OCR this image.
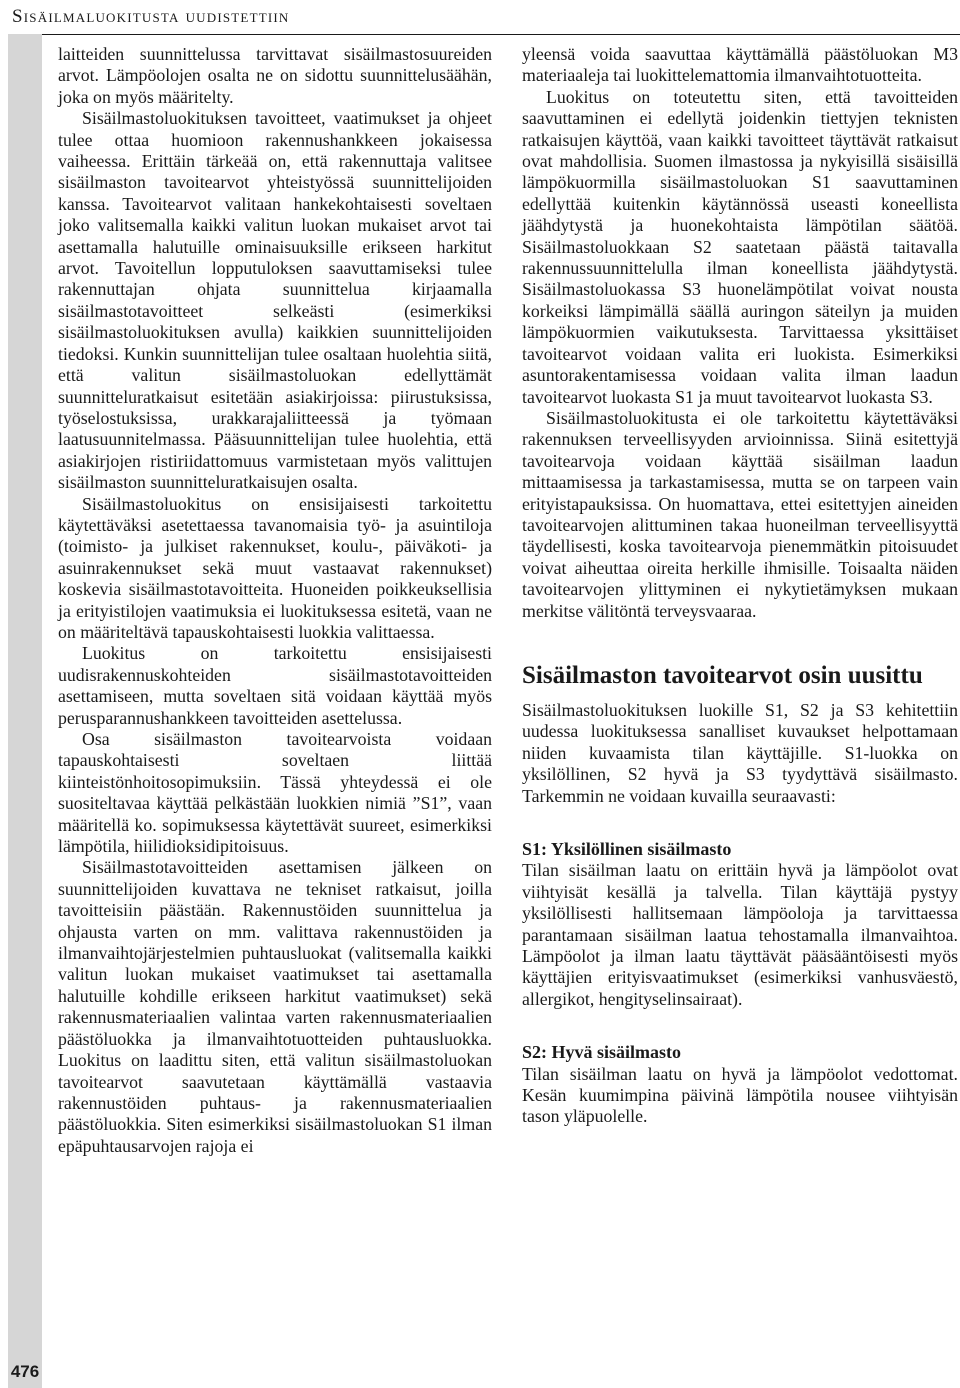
Sisäilmaluokitusta uudistettiin
476

laitteiden suunnittelussa tarvittavat sisäilmastosuureiden arvot. Lämpöolojen osalta ne on sidottu suunnittelusäähän, joka on myös määritelty.

Sisäilmastoluokituksen tavoitteet, vaatimukset ja ohjeet tulee ottaa huomioon rakennushankkeen jokaisessa vaiheessa. Erittäin tärkeää on, että rakennuttaja valitsee sisäilmaston tavoitearvot yhteistyössä suunnittelijoiden kanssa. Tavoitearvot valitaan hankekohtaisesti soveltaen joko valitsemalla kaikki valitun luokan mukaiset arvot tai asettamalla halutuille ominaisuuksille erikseen harkitut arvot. Tavoitellun lopputuloksen saavuttamiseksi tulee rakennuttajan ohjata suunnittelua kirjaamalla sisäilmastotavoitteet selkeästi (esimerkiksi sisäilmastoluokituksen avulla) kaikkien suunnittelijoiden tiedoksi. Kunkin suunnittelijan tulee osaltaan huolehtia siitä, että valitun sisäilmastoluokan edellyttämät suunnitteluratkaisut esitetään asiakirjoissa: piirustuksissa, työselostuksissa, urakkarajaliitteessä ja työmaan laatusuunnitelmassa. Pääsuunnittelijan tulee huolehtia, että asiakirjojen ristiriidattomuus varmistetaan myös valittujen sisäilmaston suunnitteluratkaisujen osalta.

Sisäilmastoluokitus on ensisijaisesti tarkoitettu käytettäväksi asetettaessa tavanomaisia työ- ja asuintiloja (toimisto- ja julkiset rakennukset, koulu-, päiväkoti- ja asuinrakennukset sekä muut vastaavat rakennukset) koskevia sisäilmastotavoitteita. Huoneiden poikkeuksellisia ja erityistilojen vaatimuksia ei luokituksessa esitetä, vaan ne on määriteltävä tapauskohtaisesti luokkia valittaessa.

Luokitus on tarkoitettu ensisijaisesti uudisrakennuskohteiden sisäilmastotavoitteiden asettamiseen, mutta soveltaen sitä voidaan käyttää myös perusparannushankkeen tavoitteiden asettelussa.

Osa sisäilmaston tavoitearvoista voidaan tapauskohtaisesti soveltaen liittää kiinteistönhoitosopimuksiin. Tässä yhteydessä ei ole suositeltavaa käyttää pelkästään luokkien nimiä ”S1”, vaan määritellä ko. sopimuksessa käytettävät suureet, esimerkiksi lämpötila, hiilidioksidipitoisuus.

Sisäilmastotavoitteiden asettamisen jälkeen on suunnittelijoiden kuvattava ne tekniset ratkaisut, joilla tavoitteisiin päästään. Rakennustöiden suunnittelua ja ohjausta varten on mm. valittava rakennustöiden ja ilmanvaihtojärjestelmien puhtausluokat (valitsemalla kaikki valitun luokan mukaiset vaatimukset tai asettamalla halutuille kohdille erikseen harkitut vaatimukset) sekä rakennusmateriaalien valintaa varten rakennusmateriaalien päästöluokka ja ilmanvaihtotuotteiden puhtausluokka. Luokitus on laadittu siten, että valitun sisäilmastoluokan tavoitearvot saavutetaan käyttämällä vastaavia rakennustöiden puhtaus- ja rakennusmateriaalien päästöluokkia. Siten esimerkiksi sisäilmastoluokan S1 ilman epäpuhtausarvojen rajoja ei

yleensä voida saavuttaa käyttämällä päästöluokan M3 materiaaleja tai luokittelemattomia ilmanvaihtotuotteita.

Luokitus on toteutettu siten, että tavoitteiden saavuttaminen ei edellytä joidenkin tiettyjen teknisten ratkaisujen käyttöä, vaan kaikki tavoitteet täyttävät ratkaisut ovat mahdollisia. Suomen ilmastossa ja nykyisillä sisäisillä lämpökuormilla sisäilmastoluokan S1 saavuttaminen edellyttää kuitenkin käytännössä useasti koneellista jäähdytystä ja huonekohtaista lämpötilan säätöä. Sisäilmastoluokkaan S2 saatetaan päästä taitavalla rakennussuunnittelulla ilman koneellista jäähdytystä. Sisäilmastoluokassa S3 huonelämpötilat voivat nousta korkeiksi lämpimällä säällä auringon säteilyn ja muiden lämpökuormien vaikutuksesta. Tarvittaessa yksittäiset tavoitearvot voidaan valita eri luokista. Esimerkiksi asuntorakentamisessa voidaan valita ilman laadun tavoitearvot luokasta S1 ja muut tavoitearvot luokasta S3.

Sisäilmastoluokitusta ei ole tarkoitettu käytettäväksi rakennuksen terveellisyyden arvioinnissa. Siinä esitettyjä tavoitearvoja voidaan käyttää sisäilman laadun mittaamisessa ja tarkastamisessa, mutta se on tarpeen vain erityistapauksissa. On huomattava, ettei esitettyjen aineiden tavoitearvojen alittuminen takaa huoneilman terveellisyyttä täydellisesti, koska tavoitearvoja pienemmätkin pitoisuudet voivat aiheuttaa oireita herkille ihmisille. Toisaalta näiden tavoitearvojen ylittyminen ei nykytietämyksen mukaan merkitse välitöntä terveysvaaraa.

Sisäilmaston tavoitearvot osin uusittu

Sisäilmastoluokituksen luokille S1, S2 ja S3 kehitettiin uudessa luokituksessa sanalliset kuvaukset helpottamaan niiden kuvaamista tilan käyttäjille. S1-luokka on yksilöllinen, S2 hyvä ja S3 tyydyttävä sisäilmasto. Tarkemmin ne voidaan kuvailla seuraavasti:

S1: Yksilöllinen sisäilmasto

Tilan sisäilman laatu on erittäin hyvä ja lämpöolot ovat viihtyisät kesällä ja talvella. Tilan käyttäjä pystyy yksilöllisesti hallitsemaan lämpöoloja ja tarvittaessa parantamaan sisäilman laatua tehostamalla ilmanvaihtoa. Lämpöolot ja ilman laatu täyttävät pääsääntöisesti myös käyttäjien erityisvaatimukset (esimerkiksi vanhusväestö, allergikot, hengityselinsairaat).

S2: Hyvä sisäilmasto

Tilan sisäilman laatu on hyvä ja lämpöolot vedottomat. Kesän kuumimpina päivinä lämpötila nousee viihtyisän tason yläpuolelle.
